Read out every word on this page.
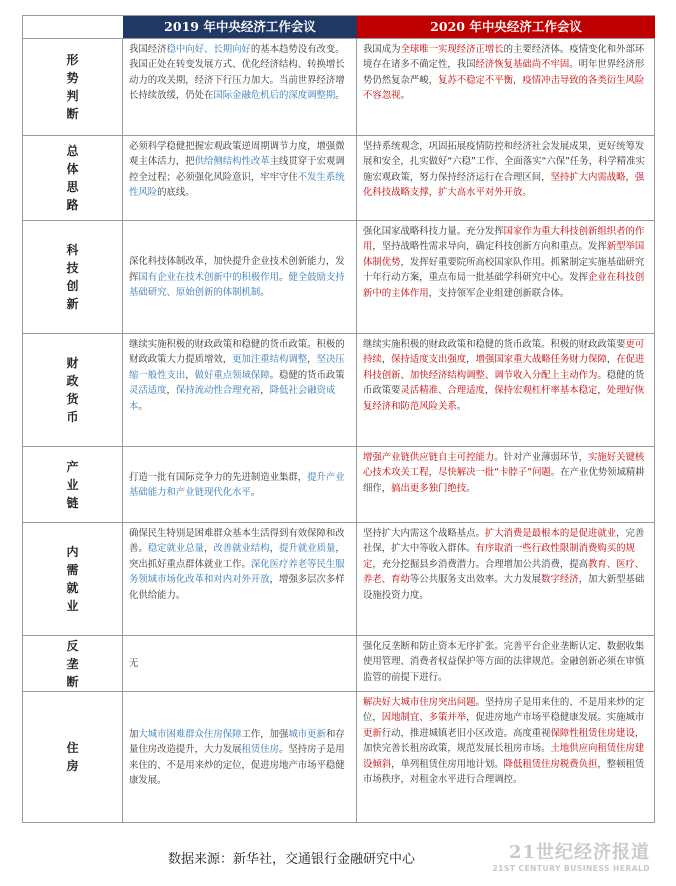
2019 年中央经济工作会议	2020 年中央经济工作会议
形
势
判
断

我国经济稳中向好、长期向好的基本趋势没有改变。我国正处在转变发展方式、优化经济结构、转换增长动力的攻关期，经济下行压力加大。当前世界经济增长持续放缓，仍处在国际金融危机后的深度调整期。

我国成为全球唯一实现经济正增长的主要经济体。疫情变化和外部环境存在诸多不确定性，我国经济恢复基础尚不牢固。明年世界经济形势仍然复杂严峻，复苏不稳定不平衡，疫情冲击导致的各类衍生风险不容忽视。

总
体
思
路

必须科学稳健把握宏观政策逆周期调节力度，增强微观主体活力，把供给侧结构性改革主线贯穿于宏观调控全过程；必须强化风险意识，牢牢守住不发生系统性风险的底线。

坚持系统观念，巩固拓展疫情防控和经济社会发展成果，更好统筹发展和安全，扎实做好“六稳”工作、全面落实“六保”任务，科学精准实施宏观政策，努力保持经济运行在合理区间，坚持扩大内需战略，强化科技战略支撑，扩大高水平对外开放。

科
技
创
新

深化科技体制改革，加快提升企业技术创新能力，发挥国有企业在技术创新中的积极作用。健全鼓励支持基础研究、原始创新的体制机制。

强化国家战略科技力量。充分发挥国家作为重大科技创新组织者的作用，坚持战略性需求导向，确定科技创新方向和重点。发挥新型举国体制优势，发挥好重要院所高校国家队作用。抓紧制定实施基础研究十年行动方案，重点布局一批基础学科研究中心。发挥企业在科技创新中的主体作用，支持领军企业组建创新联合体。

财
政
货
币

继续实施积极的财政政策和稳健的货币政策。积极的财政政策大力提质增效，更加注重结构调整，坚决压缩一般性支出，做好重点领域保障。稳健的货币政策灵活适度，保持流动性合理充裕，降低社会融资成本。

继续实施积极的财政政策和稳健的货币政策。积极的财政政策要更可持续，保持适度支出强度，增强国家重大战略任务财力保障，在促进科技创新、加快经济结构调整、调节收入分配上主动作为。稳健的货币政策要灵活精准、合理适度，保持宏观杠杆率基本稳定，处理好恢复经济和防范风险关系。

产
业
链

打造一批有国际竞争力的先进制造业集群，提升产业基础能力和产业链现代化水平。

增强产业链供应链自主可控能力。针对产业薄弱环节，实施好关键核心技术攻关工程，尽快解决一批“卡脖子”问题。在产业优势领域精耕细作，搞出更多独门绝技。

内
需
就
业

确保民生特别是困难群众基本生活得到有效保障和改善。稳定就业总量，改善就业结构，提升就业质量，突出抓好重点群体就业工作。深化医疗养老等民生服务领域市场化改革和对内对外开放，增强多层次多样化供给能力。

坚持扩大内需这个战略基点。扩大消费是最根本的是促进就业，完善社保，扩大中等收入群体。有序取消一些行政性限制消费购买的规定，充分挖掘县乡消费潜力。合理增加公共消费，提高教育、医疗、养老、育幼等公共服务支出效率。大力发展数字经济，加大新型基础设施投资力度。

反
垄
断

无

强化反垄断和防止资本无序扩张。完善平台企业垄断认定、数据收集使用管理、消费者权益保护等方面的法律规范。金融创新必须在审慎监管的前提下进行。

住
房

加大城市困难群众住房保障工作，加强城市更新和存量住房改造提升，大力发展租赁住房。坚持房子是用来住的、不是用来炒的定位，促进房地产市场平稳健康发展。

解决好大城市住房突出问题。坚持房子是用来住的、不是用来炒的定位，因地制宜、多策并举，促进房地产市场平稳健康发展。实施城市更新行动，推进城镇老旧小区改造。高度重视保障性租赁住房建设，加快完善长租房政策，规范发展长租房市场。土地供应向租赁住房建设倾斜，单列租赁住房用地计划。降低租赁住房税费负担，整顿租赁市场秩序，对租金水平进行合理调控。

数据来源：新华社，交通银行金融研究中心	21世纪经济报道
21ST CENTURY BUSINESS HERALD
